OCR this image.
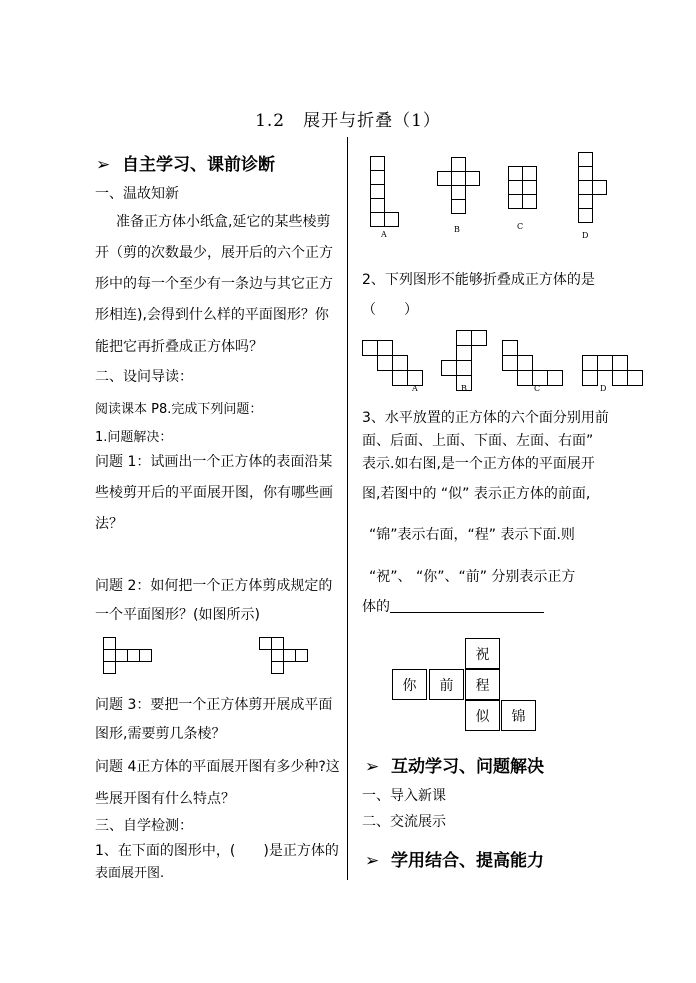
1.2　展开与折叠（1）
➢ 自主学习、课前诊断
一、温故知新
准备正方体小纸盒,延它的某些棱剪
开（剪的次数最少，展开后的六个正方
形中的每一个至少有一条边与其它正方
形相连),会得到什么样的平面图形？你
能把它再折叠成正方体吗？
二、设问导读：
阅读课本 P8.完成下列问题：
1.问题解决：
问题 1：试画出一个正方体的表面沿某
些棱剪开后的平面展开图，你有哪些画
法？
问题 2：如何把一个正方体剪成规定的
一个平面图形？(如图所示)
问题 3：要把一个正方体剪开展成平面
图形,需要剪几条棱？
问题 4正方体的平面展开图有多少种?这
些展开图有什么特点？
三、自学检测：
1、在下面的图形中，(　　)是正方体的
表面展开图.
A
B	C
D
2、下列图形不能够折叠成正方体的是
（　　）
A	B	C	D
3、水平放置的正方体的六个面分别用前
面、后面、上面、下面、左面、右面”
表示.如右图,是一个正方体的平面展开
图,若图中的 “似” 表示正方体的前面,
“锦”表示右面，“程” 表示下面.则
“祝”、 “你”、“前” 分别表示正方
体的
祝
你	前	程
似	锦
➢ 互动学习、问题解决
一、导入新课
二、交流展示
➢ 学用结合、提高能力
